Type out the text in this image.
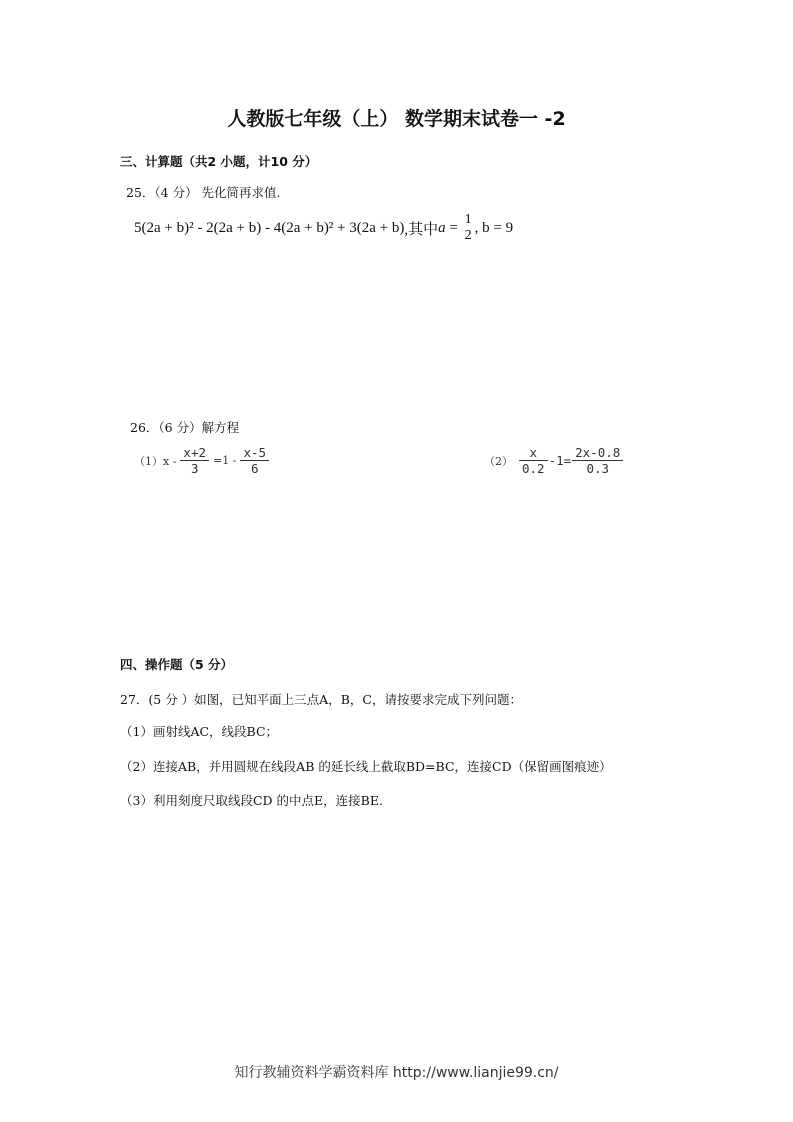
人教版七年级（上） 数学期末试卷一 -2
三、计算题（共2 小题，计10 分）
25．（4 分） 先化简再求值.
5(2a + b)² - 2(2a + b) - 4(2a + b)² + 3(2a + b) ,其中 a = 1
2 , b = 9
26．（6 分）解方程
$(1)x - \frac{x+2}{3} =1 - \frac{x-5}{6}$	$(2) \frac{x}{0.2} -1= \frac{2x-0.8}{0.3}$
四、操作题（5 分）
27．(5 分 ）如图，已知平面上三点A，B，C，请按要求完成下列问题：
（1）画射线AC，线段BC；
（2）连接AB，并用圆规在线段AB 的延长线上截取BD=BC，连接CD（保留画图痕迹）
（3）利用刻度尺取线段CD 的中点E，连接BE.
知行教辅资料学霸资料库 http://www.lianjie99.cn/
